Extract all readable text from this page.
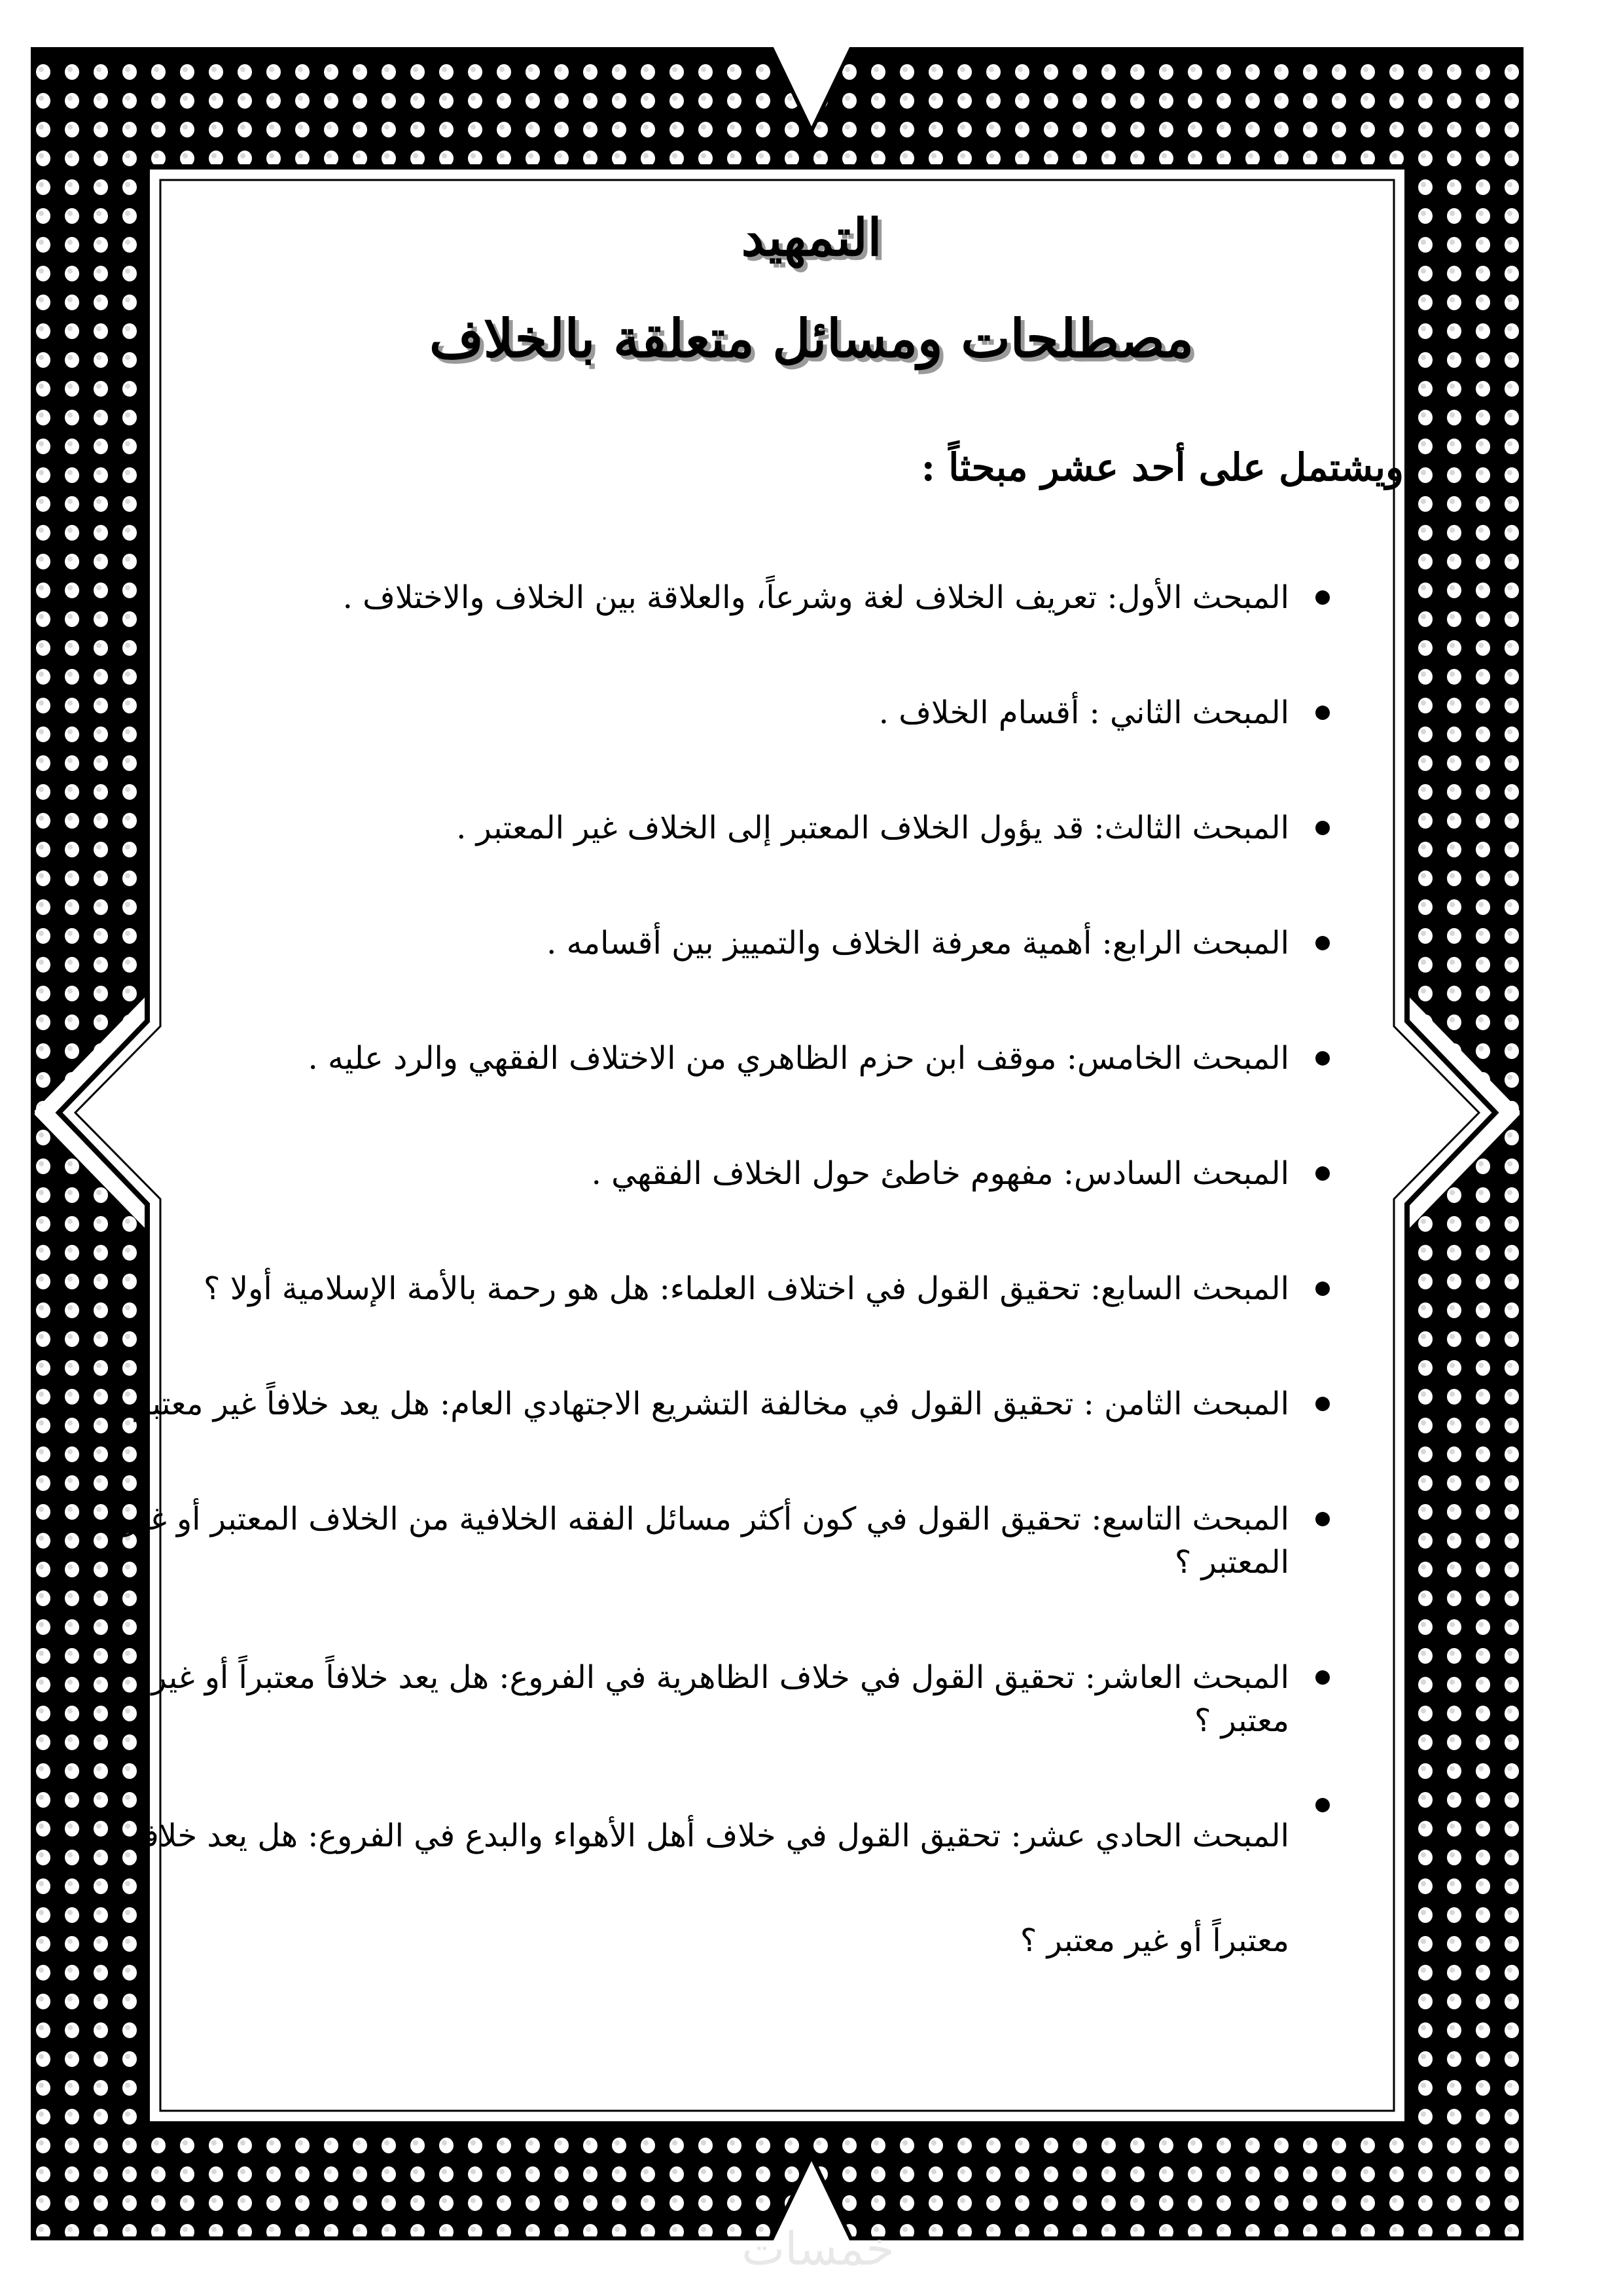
التمهيد
مصطلحات ومسائل متعلقة بالخلاف
ويشتمل على أحد عشر مبحثاً :
المبحث الأول: تعريف الخلاف لغة وشرعاً، والعلاقة بين الخلاف والاختلاف .
المبحث الثاني : أقسام الخلاف .
المبحث الثالث: قد يؤول الخلاف المعتبر إلى الخلاف غير المعتبر .
المبحث الرابع: أهمية معرفة الخلاف والتمييز بين أقسامه .
المبحث الخامس: موقف ابن حزم الظاهري من الاختلاف الفقهي والرد عليه .
المبحث السادس: مفهوم خاطئ حول الخلاف الفقهي .
المبحث السابع: تحقيق القول في اختلاف العلماء: هل هو رحمة بالأمة الإسلامية أولا ؟
المبحث الثامن : تحقيق القول في مخالفة التشريع الاجتهادي العام: هل يعد خلافاً غير معتبر ؟
المبحث التاسع: تحقيق القول في كون أكثر مسائل الفقه الخلافية من الخلاف المعتبر أو غير المعتبر ؟
المبحث العاشر: تحقيق القول في خلاف الظاهرية في الفروع: هل يعد خلافاً معتبراً أو غير معتبر ؟
المبحث الحادي عشر: تحقيق القول في خلاف أهل الأهواء والبدع في الفروع: هل يعد خلافاً معتبراً أو غير معتبر ؟
خمسات
